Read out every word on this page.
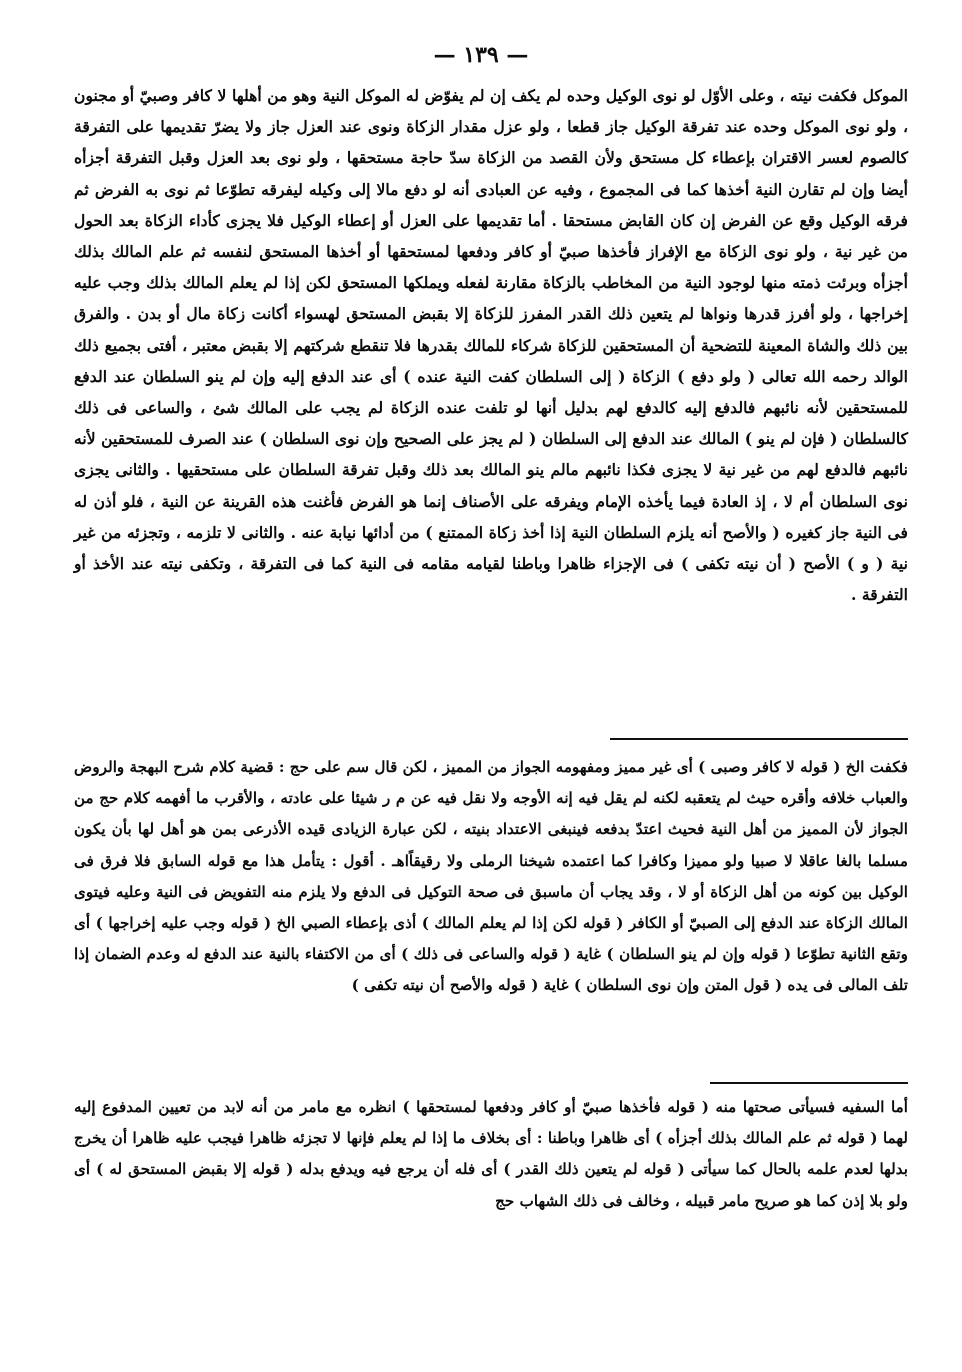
— ١٣٩ —

الموكل فكفت نيته ، وعلى الأوّل لو نوى الوكيل وحده لم يكف إن لم يفوّض له الموكل النية وهو من أهلها لا كافر وصبيّ أو مجنون ، ولو نوى الموكل وحده عند تفرقة الوكيل جاز قطعا ، ولو عزل مقدار الزكاة ونوى عند العزل جاز ولا يضرّ تقديمها على التفرقة كالصوم لعسر الاقتران بإعطاء كل مستحق ولأن القصد من الزكاة سدّ حاجة مستحقها ، ولو نوى بعد العزل وقبل التفرقة أجزأه أيضا وإن لم تقارن النية أخذها كما فى المجموع ، وفيه عن العبادى أنه لو دفع مالا إلى وكيله ليفرقه تطوّعا ثم نوى به الفرض ثم فرقه الوكيل وقع عن الفرض إن كان القابض مستحقا . أما تقديمها على العزل أو إعطاء الوكيل فلا يجزى كأداء الزكاة بعد الحول من غير نية ، ولو نوى الزكاة مع الإفراز فأخذها صبيّ أو كافر ودفعها لمستحقها أو أخذها المستحق لنفسه ثم علم المالك بذلك أجزأه وبرئت ذمته منها لوجود النية من المخاطب بالزكاة مقارنة لفعله ويملكها المستحق لكن إذا لم يعلم المالك بذلك وجب عليه إخراجها ، ولو أفرز قدرها ونواها لم يتعين ذلك القدر المفرز للزكاة إلا بقبض المستحق لهسواء أكانت زكاة مال أو بدن . والفرق بين ذلك والشاة المعينة للتضحية أن المستحقين للزكاة شركاء للمالك بقدرها فلا تنقطع شركتهم إلا بقبض معتبر ، أفتى بجميع ذلك الوالد رحمه الله تعالى ( ولو دفع ) الزكاة ( إلى السلطان كفت النية عنده ) أى عند الدفع إليه وإن لم ينو السلطان عند الدفع للمستحقين لأنه نائبهم فالدفع إليه كالدفع لهم بدليل أنها لو تلفت عنده الزكاة لم يجب على المالك شئ ، والساعى فى ذلك كالسلطان ( فإن لم ينو ) المالك عند الدفع إلى السلطان ( لم يجز على الصحيح وإن نوى السلطان ) عند الصرف للمستحقين لأنه نائبهم فالدفع لهم من غير نية لا يجزى فكذا نائبهم مالم ينو المالك بعد ذلك وقبل تفرقة السلطان على مستحقيها . والثانى يجزى نوى السلطان أم لا ، إذ العادة فيما يأخذه الإمام ويفرقه على الأصناف إنما هو الفرض فأغنت هذه القرينة عن النية ، فلو أذن له فى النية جاز كغيره ( والأصح أنه يلزم السلطان النية إذا أخذ زكاة الممتنع ) من أدائها نيابة عنه . والثانى لا تلزمه ، وتجزئه من غير نية ( و ) الأصح ( أن نيته تكفى ) فى الإجزاء ظاهرا وباطنا لقيامه مقامه فى النية كما فى التفرقة ، وتكفى نيته عند الأخذ أو التفرقة .

فكفت الخ ( قوله لا كافر وصبى ) أى غير مميز ومفهومه الجواز من المميز ، لكن قال سم على حج : قضية كلام شرح البهجة والروض والعباب خلافه وأقره حيث لم يتعقبه لكنه لم يقل فيه إنه الأوجه ولا نقل فيه عن م ر شيئا على عادته ، والأقرب ما أفهمه كلام حج من الجواز لأن المميز من أهل النية فحيث اعتدّ بدفعه فينبغى الاعتداد بنيته ، لكن عبارة الزيادى قيده الأذرعى بمن هو أهل لها بأن يكون مسلما بالغا عاقلا لا صبيا ولو مميزا وكافرا كما اعتمده شيخنا الرملى ولا رقيقاًاهـ . أقول : يتأمل هذا مع قوله السابق فلا فرق فى الوكيل بين كونه من أهل الزكاة أو لا ، وقد يجاب أن ماسبق فى صحة التوكيل فى الدفع ولا يلزم منه التفويض فى النية وعليه فيتوى المالك الزكاة عند الدفع إلى الصبيّ أو الكافر ( قوله لكن إذا لم يعلم المالك ) أذى بإعطاء الصبي الخ ( قوله وجب عليه إخراجها ) أى وتقع الثانية تطوّعا ( قوله وإن لم ينو السلطان ) غاية ( قوله والساعى فى ذلك ) أى من الاكتفاء بالنية عند الدفع له وعدم الضمان إذا تلف المالى فى يده ( قول المتن وإن نوى السلطان ) غاية ( قوله والأصح أن نيته تكفى )

أما السفيه فسيأتى صحتها منه ( قوله فأخذها صبيّ أو كافر ودفعها لمستحقها ) انظره مع مامر من أنه لابد من تعيين المدفوع إليه لهما ( قوله ثم علم المالك بذلك أجزأه ) أى ظاهرا وباطنا : أى بخلاف ما إذا لم يعلم فإنها لا تجزئه ظاهرا فيجب عليه ظاهرا أن يخرج بدلها لعدم علمه بالحال كما سيأتى ( قوله لم يتعين ذلك القدر ) أى فله أن يرجع فيه ويدفع بدله ( قوله إلا بقبض المستحق له ) أى ولو بلا إذن كما هو صريح مامر قبيله ، وخالف فى ذلك الشهاب حج
